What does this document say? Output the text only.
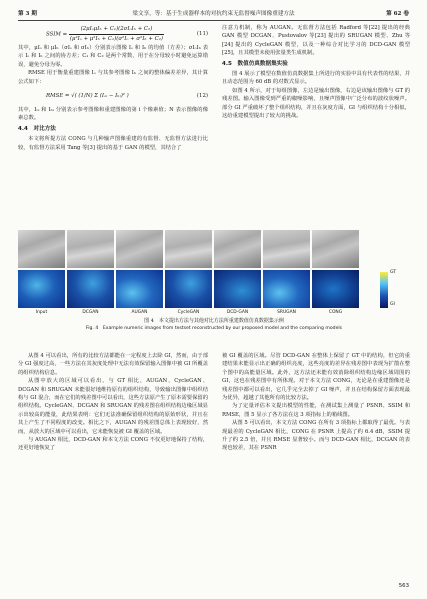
第 3 期	梁文享，等：基于生成器样本的对抗约束无监督噪声图像重建方法	第 62 卷
SSIM = $\frac{\text{(2μIₒμIₕ + C₁)(2σIₒIₕ + C₂)}}{\text{(μ²Iₒ + μ²Iₕ + C₁)(σ²Iₒ + σ²Iₕ + C₂)}}$	(11)

其中，μIₒ 和 μIₕ（σIₒ 和 σIₕ）分别表示图像 Iₒ 和 Iₕ 的均值（方差）；σIₒIₕ 表示 Iₒ 和 Iₕ 之间的协方差；C₁ 和 C₂ 是两个常数，用于在分母较小时避免运算错误，避免分母为零。

RMSE 用于衡量重建图像 Iₒ 与其参考图像 Iₕ 之间的整体偏差差异，其计算公式如下：

RMSE = √( (1/N) Σ (Iₒᵢ − Iₕᵢ)² )	(12)

其中，Iₒᵢ 和 Iₕᵢ 分别表示参考图像和重建图像的第 i 个像素值；N 表示图像的像素总数。

4.4　对比方法

本文将所提方法 CONG 与几种输声图像重建的有监督、无监督方法进行比较，有监督方法采用 Tang 等[3] 提出的基于 GAN 的模型，其结合了

注意力机制，称为 AUGAN。无监督方法包括 Radford 等[22] 提出的经典 GAN 模型 DCGAN、Pustovalov 等[23] 提出的 SRUGAN 模型、Zhu 等[24] 提出的 CycleGAN 模型，以及一种综合对比学习的 DCD-GAN 模型[25]，且其模型未使用张量类生成机制。

4.5　数值仿真数据集实验

图 4 展示了模型在数值仿真数据集上所进行的实验中具有代表性的结果，并且动态范围为 60 dB 的对数式显示。

如图 4 所示，对于每组图像，左边是输出图像，右边是该输出图像与 GT 的残差图。输入图像受到严重的椒噪影响，且噪声图像中广泛分布的波纹状噪声。部分 GI 严重破坏了整个组织结构，并且在灰度方面，GI 与组织结构十分相似，这给重建模型提出了较大的挑战。

GT
GI
Input	DCGAN	AUGAN	CycleGAN	DCD-GAN	SRUGAN	CONG
图 4　本文提出方法与其他对比方法所重建数值仿真数据集示例
Fig. 4　Example numeric images from testset reconstructed by our proposed model and the comparing models

从图 4 可以看出，所有的比较方法都能在一定程度上去除 GI，然而，由于部分 GI 强度过高，一些方法在其灰度处理中无法有效保留输入图像中被 GI 所覆盖的组织结构信息。

从图中放大的区域可以看出，与 GT 相比，AUGAN、CycleGAN、DCGAN 和 SRUGAN 未能很好地维持原有的组织结构，导致输出图像中组织结构与 GI 混合，而在它们的残差图中可以看出，这些方法原产生了原本需要保留的组织结构。CycleGAN、DCGAN 和 SRUGAN 的残差图在组织结构边缘区域显示出较高的能量，此结果表明：它们无法准确保留组织结构的原始形状，并且在其上产生了不同程度的改变。相比之下，AUGAN 的残差图总体上表现较好，然而，从放大的区域中可以看出，它未能恢复被 GI 覆盖的区域。

与 AUGAN 相比，DCD-GAN 和本文方法 CONG 不仅更好地保持了结构，还更好地恢复了

被 GI 覆盖的区域。尽管 DCD-GAN 在整体上保留了 GT 中的结构，但它的重建结果未能显示出正确的组织亮度，这些亮度的差异在残差图中表现为扩散在整个图中的高能量区域。此外，这方法还未能有效消除组织结构边缘区域周围的 GI，这也在残差图中有所体现。对于本文方法 CONG，无论是在重建图像还是残差图中都可以看出，它几乎完全去掉了 GI 噪声，并且在结构保留方面表现最为优异，超越了其他所有的比较方法。

为了定量评估本文提出模型的性能，在测试集上测量了 PSNR、SSIM 和 RMSE，图 5 显示了各方法在这 3 项指标上的箱线图。

从图 5 可以看出，本文方法 CONG 在所有 3 项指标上都取得了最优。与表现最差的 CycleGAN 相比，CONG 在 PSNR 上提高了约 6.4 dB，SSIM 提升了约 2.5 倍，并且 RMSE 显著较小。而与 DCD-GAN 相比，DCGAN 的表现也较差，其在 PSNR

563
